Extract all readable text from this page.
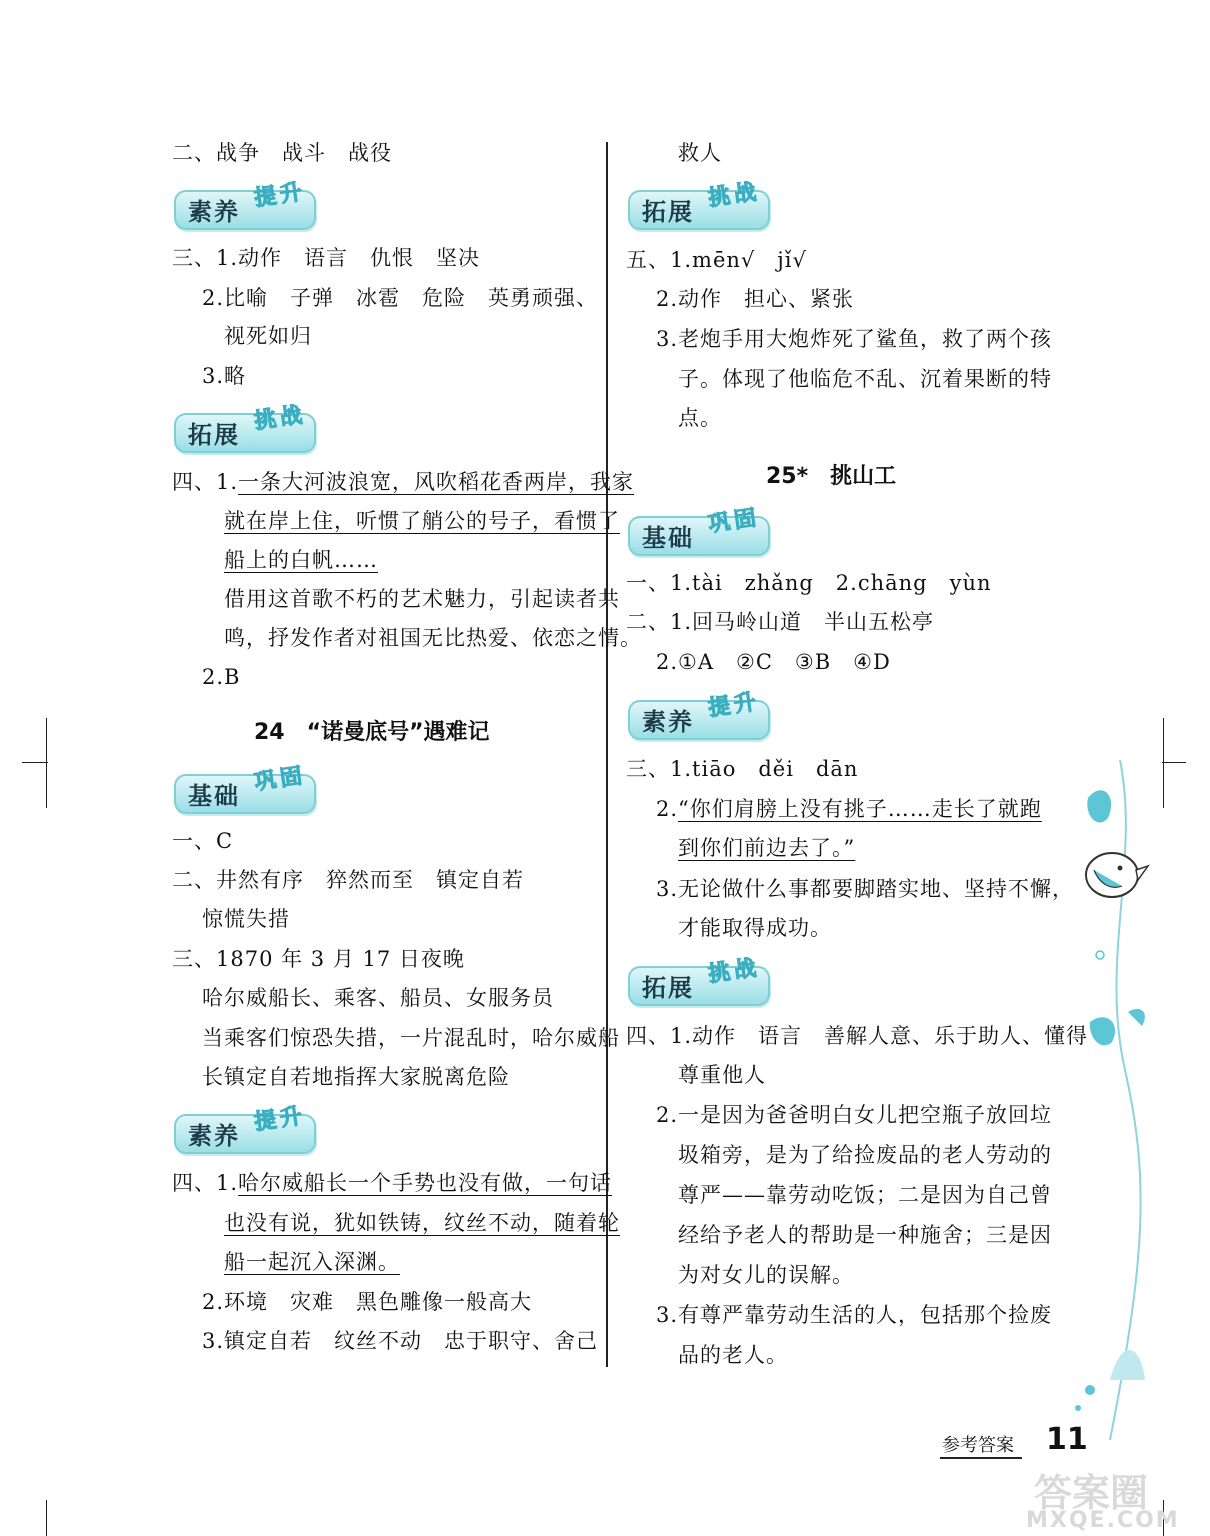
二、战争　战斗　战役
素养
提升
三、1.动作　语言　仇恨　坚决
2.比喻　子弹　冰雹　危险　英勇顽强、
视死如归
3.略
拓展
挑战
四、1.一条大河波浪宽，风吹稻花香两岸，我家
就在岸上住，听惯了艄公的号子，看惯了
船上的白帆……
借用这首歌不朽的艺术魅力，引起读者共
鸣，抒发作者对祖国无比热爱、依恋之情。
2.B
24　“诺曼底号”遇难记
基础
巩固
一、C
二、井然有序　猝然而至　镇定自若
惊慌失措
三、1870 年 3 月 17 日夜晚
哈尔威船长、乘客、船员、女服务员
当乘客们惊恐失措，一片混乱时，哈尔威船
长镇定自若地指挥大家脱离危险
素养
提升
四、1.哈尔威船长一个手势也没有做，一句话
也没有说，犹如铁铸，纹丝不动，随着轮
船一起沉入深渊。
2.环境　灾难　黑色雕像一般高大
3.镇定自若　纹丝不动　忠于职守、舍己
救人
拓展
挑战
五、1.mēn√　jǐ√
2.动作　担心、紧张
3.老炮手用大炮炸死了鲨鱼，救了两个孩
子。体现了他临危不乱、沉着果断的特
点。
25*　挑山工
基础
巩固
一、1.tài　zhǎng　2.chāng　yùn
二、1.回马岭山道　半山五松亭
2.①A　②C　③B　④D
素养
提升
三、1.tiāo　děi　dān
2.“你们肩膀上没有挑子……走长了就跑
到你们前边去了。”
3.无论做什么事都要脚踏实地、坚持不懈，
才能取得成功。
拓展
挑战
四、1.动作　语言　善解人意、乐于助人、懂得
尊重他人
2.一是因为爸爸明白女儿把空瓶子放回垃
圾箱旁，是为了给捡废品的老人劳动的
尊严——靠劳动吃饭；二是因为自己曾
经给予老人的帮助是一种施舍；三是因
为对女儿的误解。
3.有尊严靠劳动生活的人，包括那个捡废
品的老人。
参考答案 11
答案圈
MXQE.COM
